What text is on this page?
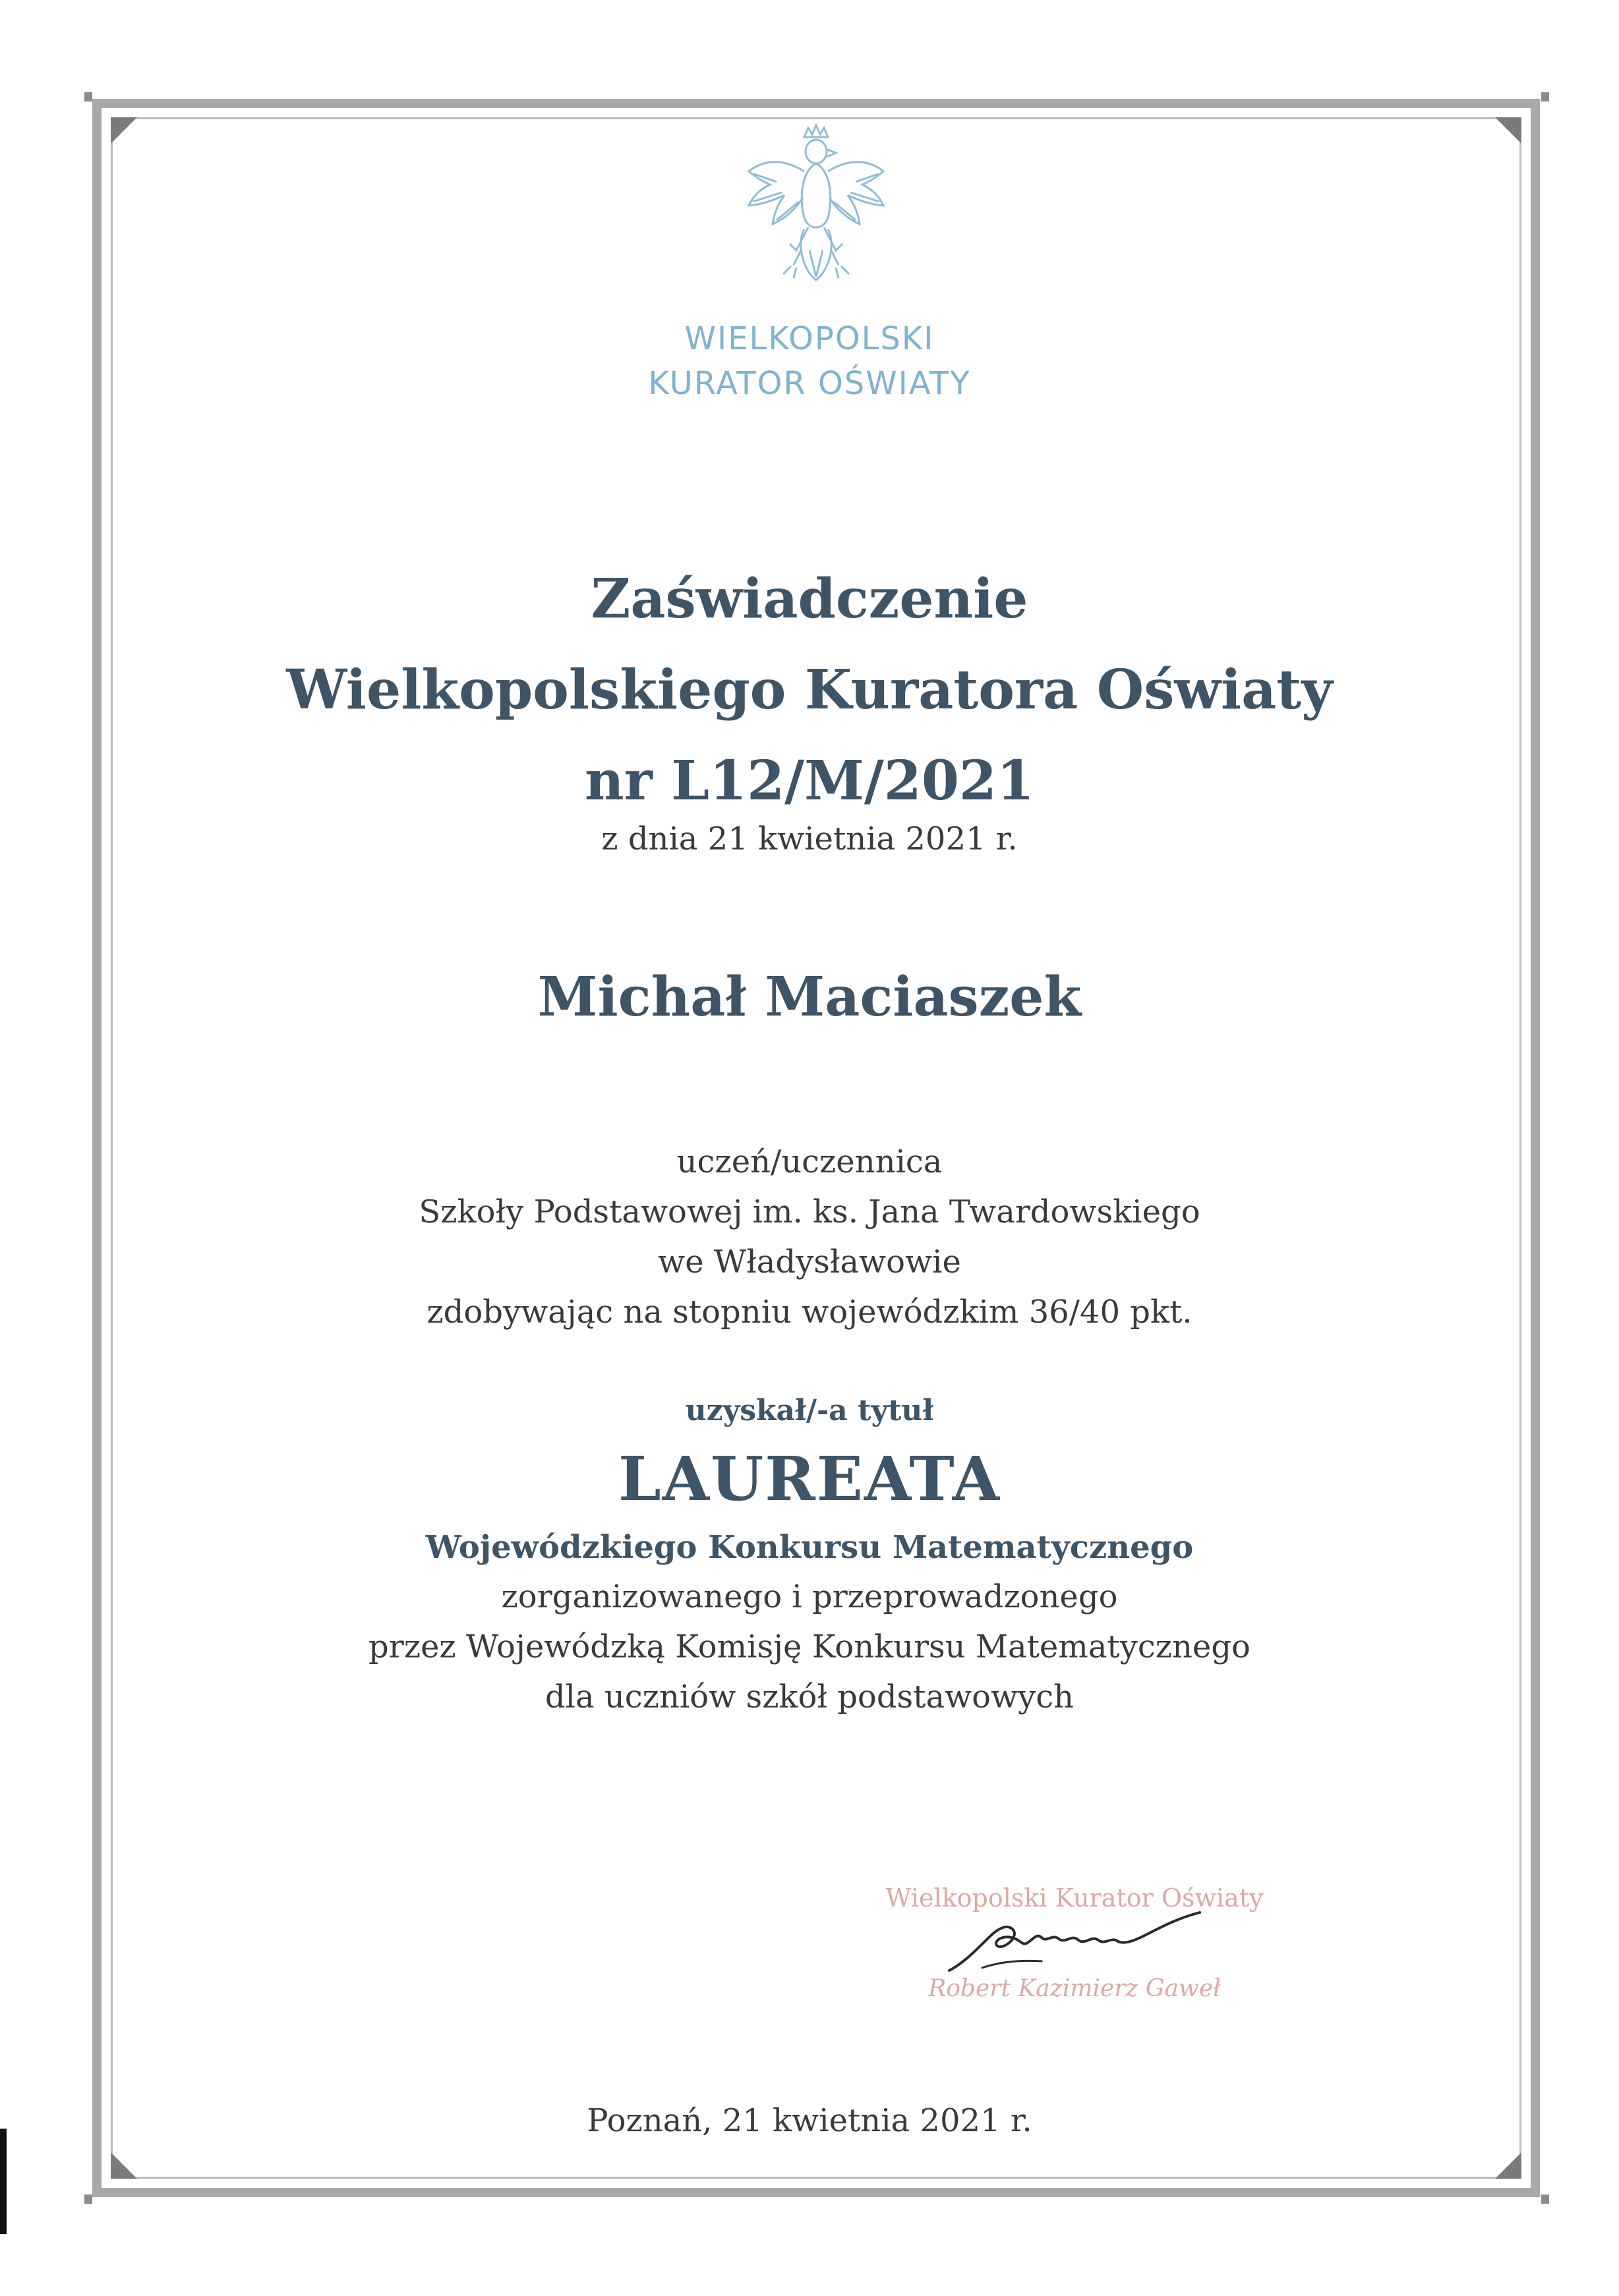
WIELKOPOLSKI
KURATOR OŚWIATY
Zaświadczenie
Wielkopolskiego Kuratora Oświaty
nr L12/M/2021
z dnia 21 kwietnia 2021 r.
Michał Maciaszek
uczeń/uczennica
Szkoły Podstawowej im. ks. Jana Twardowskiego
we Władysławowie
zdobywając na stopniu wojewódzkim 36/40 pkt.
uzyskał/-a tytuł
LAUREATA
Wojewódzkiego Konkursu Matematycznego
zorganizowanego i przeprowadzonego
przez Wojewódzką Komisję Konkursu Matematycznego
dla uczniów szkół podstawowych
Wielkopolski Kurator Oświaty
Robert Kazimierz Gaweł
Poznań, 21 kwietnia 2021 r.
